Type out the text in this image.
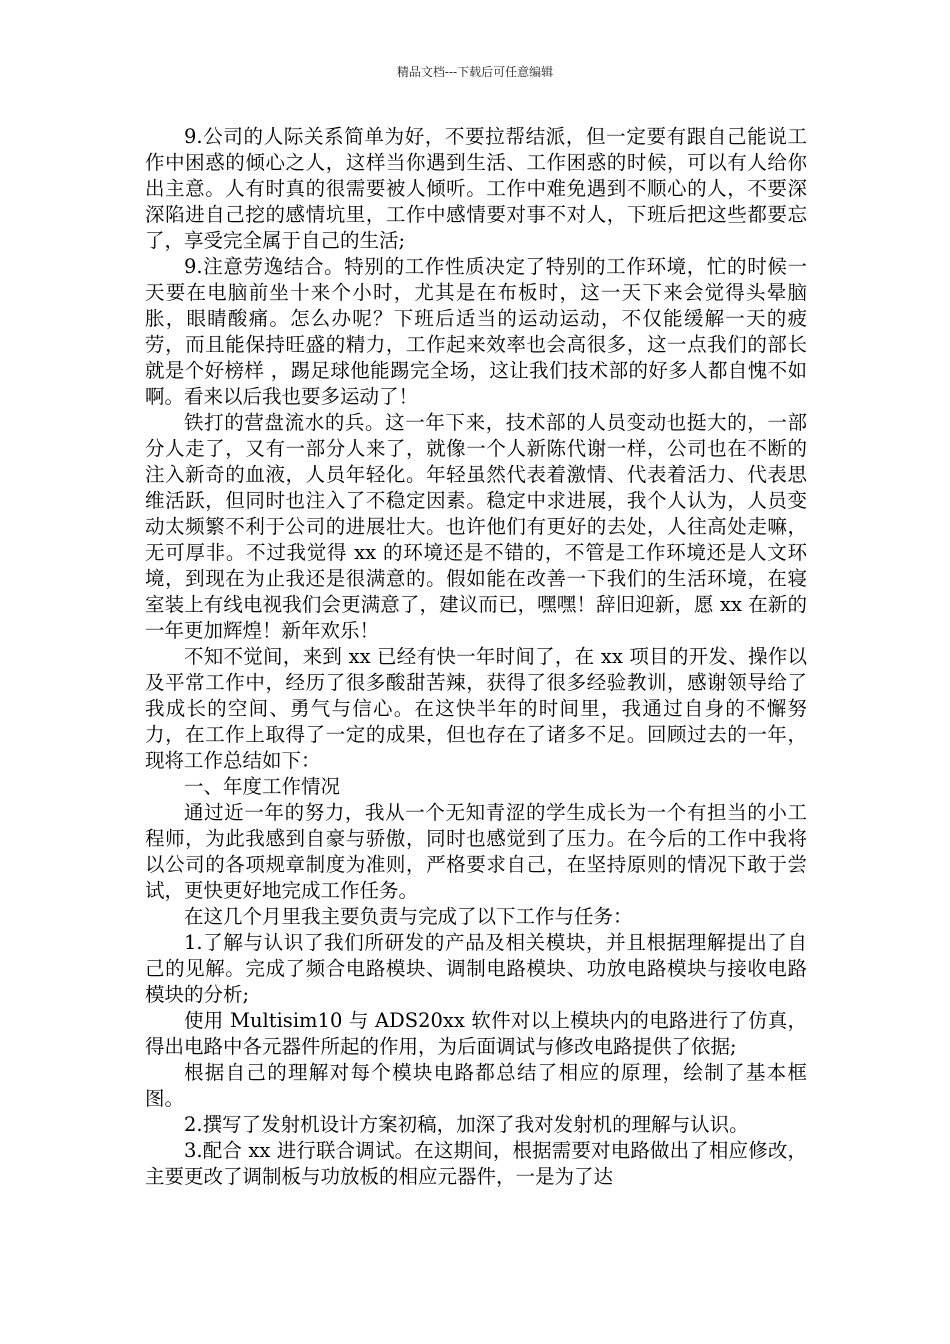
精品文档---下载后可任意编辑

9.公司的人际关系简单为好，不要拉帮结派，但一定要有跟自己能说工作中困惑的倾心之人，这样当你遇到生活、工作困惑的时候，可以有人给你出主意。人有时真的很需要被人倾听。工作中难免遇到不顺心的人，不要深深陷进自己挖的感情坑里，工作中感情要对事不对人，下班后把这些都要忘了，享受完全属于自己的生活;

9.注意劳逸结合。特别的工作性质决定了特别的工作环境，忙的时候一天要在电脑前坐十来个小时，尤其是在布板时，这一天下来会觉得头晕脑胀，眼睛酸痛。怎么办呢？下班后适当的运动运动，不仅能缓解一天的疲劳，而且能保持旺盛的精力，工作起来效率也会高很多，这一点我们的部长就是个好榜样 ，踢足球他能踢完全场，这让我们技术部的好多人都自愧不如啊。看来以后我也要多运动了！

铁打的营盘流水的兵。这一年下来，技术部的人员变动也挺大的，一部分人走了，又有一部分人来了，就像一个人新陈代谢一样，公司也在不断的注入新奇的血液，人员年轻化。年轻虽然代表着激情、代表着活力、代表思维活跃，但同时也注入了不稳定因素。稳定中求进展，我个人认为，人员变动太频繁不利于公司的进展壮大。也许他们有更好的去处，人往高处走嘛，无可厚非。不过我觉得 xx 的环境还是不错的，不管是工作环境还是人文环境，到现在为止我还是很满意的。假如能在改善一下我们的生活环境，在寝室装上有线电视我们会更满意了，建议而已，嘿嘿！辞旧迎新，愿 xx 在新的一年更加辉煌！新年欢乐！

不知不觉间，来到 xx 已经有快一年时间了，在 xx 项目的开发、操作以及平常工作中，经历了很多酸甜苦辣，获得了很多经验教训，感谢领导给了我成长的空间、勇气与信心。在这快半年的时间里，我通过自身的不懈努力，在工作上取得了一定的成果，但也存在了诸多不足。回顾过去的一年，现将工作总结如下：

一、年度工作情况

通过近一年的努力，我从一个无知青涩的学生成长为一个有担当的小工程师，为此我感到自豪与骄傲，同时也感觉到了压力。在今后的工作中我将以公司的各项规章制度为准则，严格要求自己，在坚持原则的情况下敢于尝试，更快更好地完成工作任务。

在这几个月里我主要负责与完成了以下工作与任务：

1.了解与认识了我们所研发的产品及相关模块，并且根据理解提出了自己的见解。完成了频合电路模块、调制电路模块、功放电路模块与接收电路模块的分析;

使用 Multisim10 与 ADS20xx 软件对以上模块内的电路进行了仿真，得出电路中各元器件所起的作用，为后面调试与修改电路提供了依据;

根据自己的理解对每个模块电路都总结了相应的原理，绘制了基本框图。

2.撰写了发射机设计方案初稿，加深了我对发射机的理解与认识。

3.配合 xx 进行联合调试。在这期间，根据需要对电路做出了相应修改，主要更改了调制板与功放板的相应元器件，一是为了达
